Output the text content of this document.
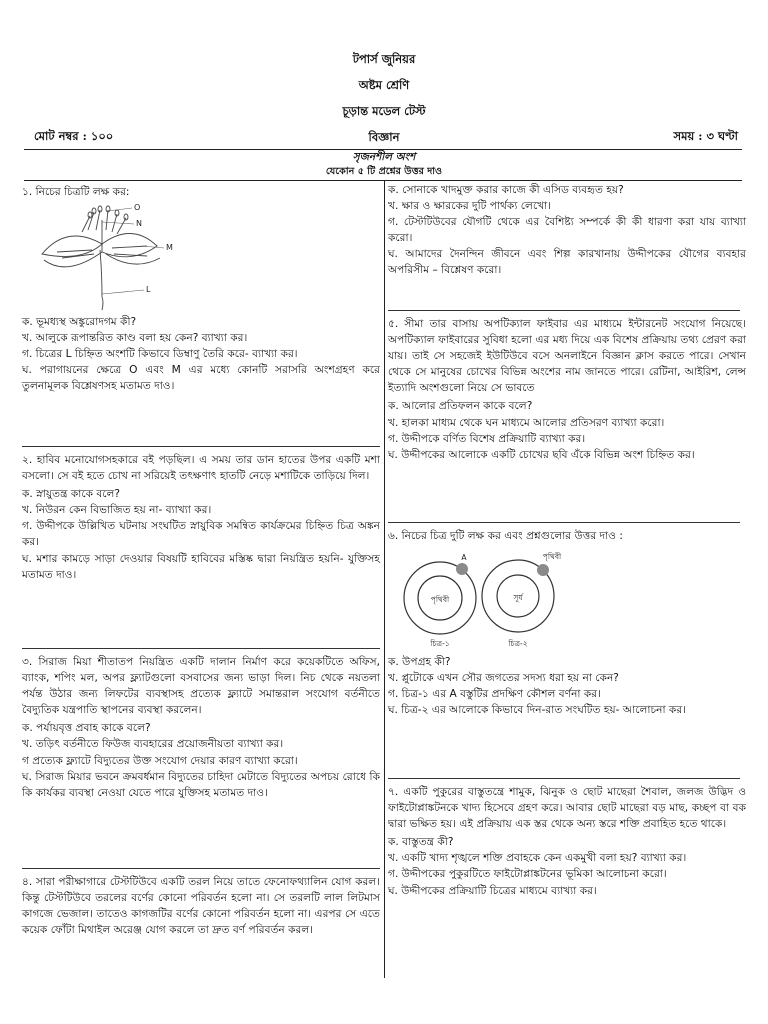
টপার্স জুনিয়র
অষ্টম শ্রেণি
চূড়ান্ত মডেল টেস্ট
বিজ্ঞান
মোট নম্বর : ১০০	সময় : ৩ ঘণ্টা
সৃজনশীল অংশ
যেকোন ৫ টি প্রশ্নের উত্তর দাও

১. নিচের চিত্রটি লক্ষ কর:

O
N
M
L

ক. ভূমধ্যস্থ অঙ্কুরোদগম কী?

খ. আলুকে রূপান্তরিত কাণ্ড বলা হয় কেন? ব্যাখ্যা কর।

গ. চিত্রের L চিহ্নিত অংশটি কিভাবে ডিম্বাণু তৈরি করে- ব্যাখ্যা কর।

ঘ. পরাগায়নের ক্ষেত্রে O এবং M এর মধ্যে কোনটি সরাসরি অংশগ্রহণ করে তুলনামূলক বিশ্লেষণসহ মতামত দাও।

২. হাবিব মনোযোগসহকারে বই পড়ছিল। এ সময় তার ডান হাতের উপর একটি মশা বসলো। সে বই হতে চোখ না সরিয়েই তৎক্ষণাৎ হাতটি নেড়ে মশাটিকে তাড়িয়ে দিল।

ক. স্নায়ুতন্ত্র কাকে বলে?

খ. নিউরন কেন বিভাজিত হয় না- ব্যাখ্যা কর।

গ. উদ্দীপকে উল্লিখিত ঘটনায় সংঘটিত স্নায়ুবিক সমন্বিত কার্যক্রমের চিহ্নিত চিত্র অঙ্কন কর।

ঘ. মশার কামড়ে সাড়া দেওয়ার বিষয়টি হাবিবের মস্তিষ্ক দ্বারা নিয়ন্ত্রিত হয়নি- যুক্তিসহ মতামত দাও।

৩. সিরাজ মিয়া শীতাতপ নিয়ন্ত্রিত একটি দালান নির্মাণ করে কয়েকটিতে অফিস, ব্যাংক, শপিং মল, অপর ফ্ল্যাটগুলো বসবাসের জন্য ভাড়া দিল। নিচ থেকে নয়তলা পর্যন্ত উঠার জন্য লিফটের ব্যবস্থাসহ প্রত্যেক ফ্ল্যাটে সমান্তরাল সংযোগ বর্তনীতে বৈদ্যুতিক যন্ত্রপাতি স্থাপনের ব্যবস্থা করলেন।

ক. পর্যায়বৃত্ত প্রবাহ কাকে বলে?

খ. তড়িৎ বর্তনীতে ফিউজ ব্যবহারের প্রয়োজনীয়তা ব্যাখ্যা কর।

গ প্রত্যেক ফ্ল্যাটে বিদ্যুতের উক্ত সংযোগ দেয়ার কারণ ব্যাখ্যা করো।

ঘ. সিরাজ মিয়ার ভবনে ক্রমবর্ধমান বিদ্যুতের চাহিদা মেটাতে বিদ্যুতের অপচয় রোধে কি কি কার্যকর ব্যবস্থা নেওয়া যেতে পারে যুক্তিসহ মতামত দাও।

৪. সারা পরীক্ষাগারে টেস্টটিউবে একটি তরল নিয়ে তাতে ফেনোফথ্যালিন যোগ করল। কিন্তু টেস্টটিউবে তরলের বর্ণের কোনো পরিবর্তন হলো না। সে তরলটি লাল লিটমাস কাগজে ভেজাল। তাতেও কাগজটির বর্ণের কোনো পরিবর্তন হলো না। এরপর সে এতে কয়েক ফোঁটা মিথাইল অরেঞ্জ যোগ করলে তা দ্রুত বর্ণ পরিবর্তন করল।

ক. সোনাকে খাদমুক্ত করার কাজে কী এসিড ব্যবহৃত হয়?

খ. ক্ষার ও ক্ষারকের দুটি পার্থক্য লেখো।

গ. টেস্টটিউবের যৌগটি থেকে এর বৈশিষ্ট্য সম্পর্কে কী কী ধারণা করা যায় ব্যাখ্যা করো।

ঘ. আমাদের দৈনন্দিন জীবনে এবং শিল্প কারখানায় উদ্দীপকের যৌগের ব্যবহার অপরিসীম – বিশ্লেষণ করো।

৫. সীমা তার বাসায় অপটিক্যাল ফাইবার এর মাধ্যমে ইন্টারনেট সংযোগ নিয়েছে। অপটিক্যাল ফাইবারের সুবিধা হলো এর মধ্য দিয়ে এক বিশেষ প্রক্রিয়ায় তথ্য প্রেরণ করা যায়। তাই সে সহজেই ইউটিউবে বসে অনলাইনে বিজ্ঞান ক্লাস করতে পারে। সেখান থেকে সে মানুষের চোখের বিভিন্ন অংশের নাম জানতে পারে। রেটিনা, আইরিশ, লেন্স ইত্যাদি অংশগুলো নিয়ে সে ভাবতে

ক. আলোর প্রতিফলন কাকে বলে?

খ. হালকা মাধ্যম থেকে ঘন মাধ্যমে আলোর প্রতিসরণ ব্যাখ্যা করো।

গ. উদ্দীপকে বর্ণিত বিশেষ প্রক্রিয়াটি ব্যাখ্যা কর।

ঘ. উদ্দীপকের আলোকে একটি চোখের ছবি এঁকে বিভিন্ন অংশ চিহ্নিত কর।

৬. নিচের চিত্র দুটি লক্ষ কর এবং প্রশ্নগুলোর উত্তর দাও :

পৃথিবী
A
সূর্য
পৃথিবী
চিত্র-১	চিত্র-২

ক. উপগ্রহ কী?

খ. প্লুটোকে এখন সৌর জগতের সদস্য ধরা হয় না কেন?

গ. চিত্র-১ এর A বস্তুটির প্রদক্ষিণ কৌশল বর্ণনা কর।

ঘ. চিত্র-২ এর আলোকে কিভাবে দিন-রাত সংঘটিত হয়- আলোচনা কর।

৭. একটি পুকুরের বাস্তুতন্ত্রে শামুক, ঝিনুক ও ছোট মাছেরা শৈবাল, জলজ উদ্ভিদ ও ফাইটোপ্লাঙ্কটনকে খাদ্য হিসেবে গ্রহণ করে। আবার ছোট মাছেরা বড় মাছ, কচ্ছপ বা বক দ্বারা ভক্ষিত হয়। এই প্রক্রিয়ায় এক স্তর থেকে অন্য স্তরে শক্তি প্রবাহিত হতে থাকে।

ক. বাস্তুতন্ত্র কী?

খ. একটি খাদ্য শৃঙ্খলে শক্তি প্রবাহকে কেন একমুখী বলা হয়? ব্যাখ্যা কর।

গ. উদ্দীপকের পুকুরটিতে ফাইটোপ্লাঙ্কটনের ভূমিকা আলোচনা করো।

ঘ. উদ্দীপকের প্রক্রিয়াটি চিত্রের মাধ্যমে ব্যাখ্যা কর।
